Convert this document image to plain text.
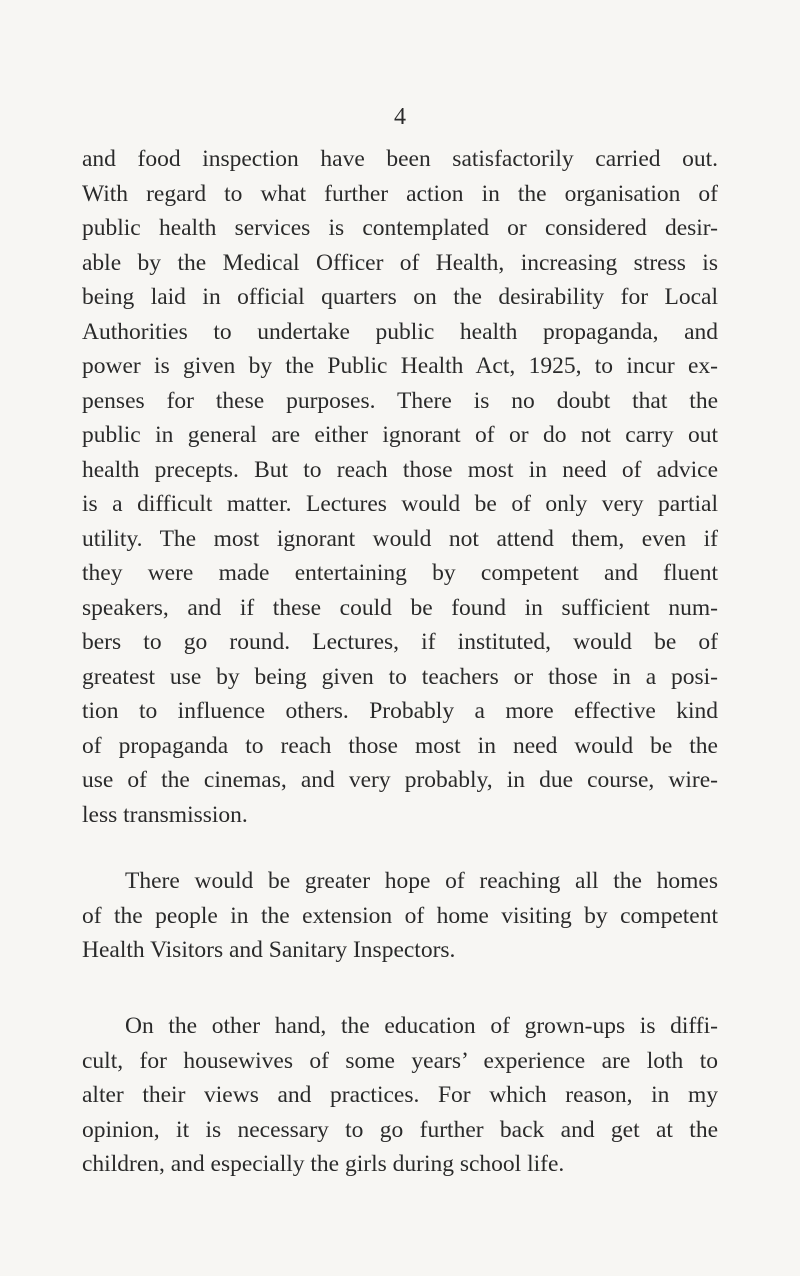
4

and food inspection have been satisfactorily carried out.
With regard to what further action in the organisation of
public health services is contemplated or considered desir-
able by the Medical Officer of Health, increasing stress is
being laid in official quarters on the desirability for Local
Authorities to undertake public health propaganda, and
power is given by the Public Health Act, 1925, to incur ex-
penses for these purposes. There is no doubt that the
public in general are either ignorant of or do not carry out
health precepts. But to reach those most in need of advice
is a difficult matter. Lectures would be of only very partial
utility. The most ignorant would not attend them, even if
they were made entertaining by competent and fluent
speakers, and if these could be found in sufficient num-
bers to go round. Lectures, if instituted, would be of
greatest use by being given to teachers or those in a posi-
tion to influence others. Probably a more effective kind
of propaganda to reach those most in need would be the
use of the cinemas, and very probably, in due course, wire-
less transmission.

There would be greater hope of reaching all the homes
of the people in the extension of home visiting by competent
Health Visitors and Sanitary Inspectors.

On the other hand, the education of grown-ups is diffi-
cult, for housewives of some years’ experience are loth to
alter their views and practices. For which reason, in my
opinion, it is necessary to go further back and get at the
children, and especially the girls during school life.
